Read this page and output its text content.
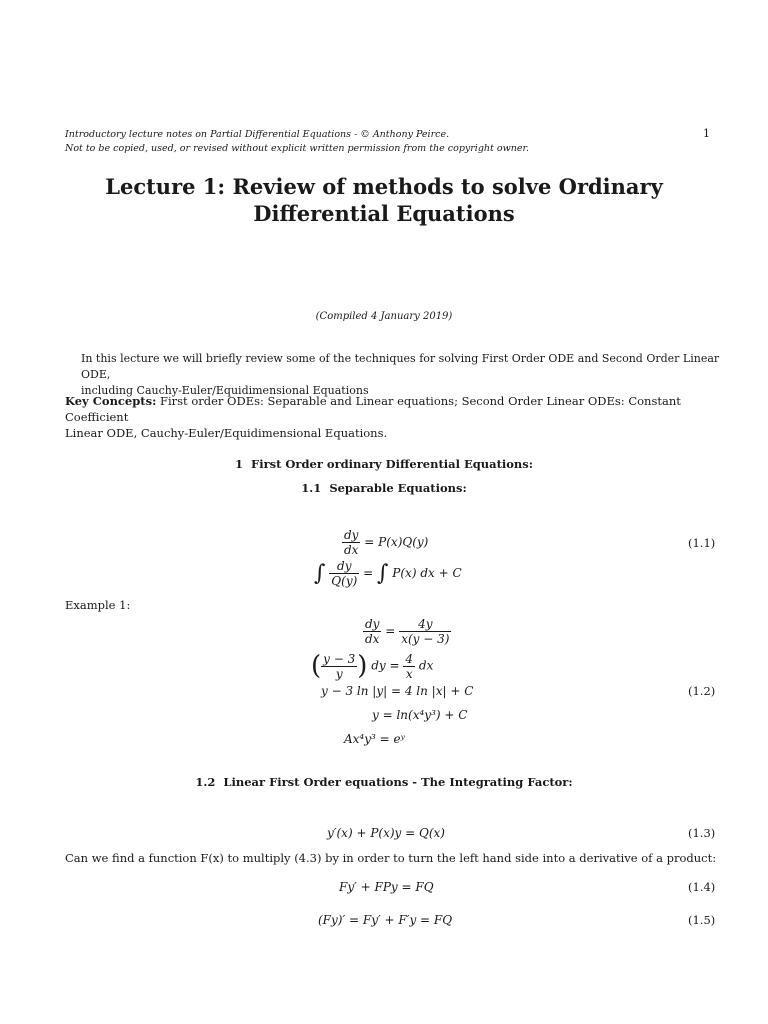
Introductory lecture notes on Partial Differential Equations - © Anthony Peirce.
Not to be copied, used, or revised without explicit written permission from the copyright owner.
1
Lecture 1: Review of methods to solve Ordinary
Differential Equations
(Compiled 4 January 2019)
In this lecture we will briefly review some of the techniques for solving First Order ODE and Second Order Linear ODE,
including Cauchy-Euler/Equidimensional Equations
Key Concepts: First order ODEs: Separable and Linear equations; Second Order Linear ODEs: Constant Coefficient
Linear ODE, Cauchy-Euler/Equidimensional Equations.
1 First Order ordinary Differential Equations:
1.1 Separable Equations:
$\frac{dy}{dx} = P(x)Q(y)$	(1.1)
∫ $\frac{dy}{Q(y)}$ = ∫ P(x) dx + C
Example 1:
$\frac{dy}{dx} = \frac{4y}{x(y - 3)}$
( $\frac{y - 3}{y}$ ) dy = $\frac{4}{x}$ dx
y − 3 ln |y| = 4 ln |x| + C	(1.2)
y = ln(x⁴y³) + C
Ax⁴y³ = eʸ
1.2 Linear First Order equations - The Integrating Factor:
y′(x) + P(x)y = Q(x)	(1.3)
Can we find a function F(x) to multiply (4.3) by in order to turn the left hand side into a derivative of a product:
Fy′ + FPy = FQ	(1.4)
(Fy)′ = Fy′ + F′y = FQ	(1.5)
